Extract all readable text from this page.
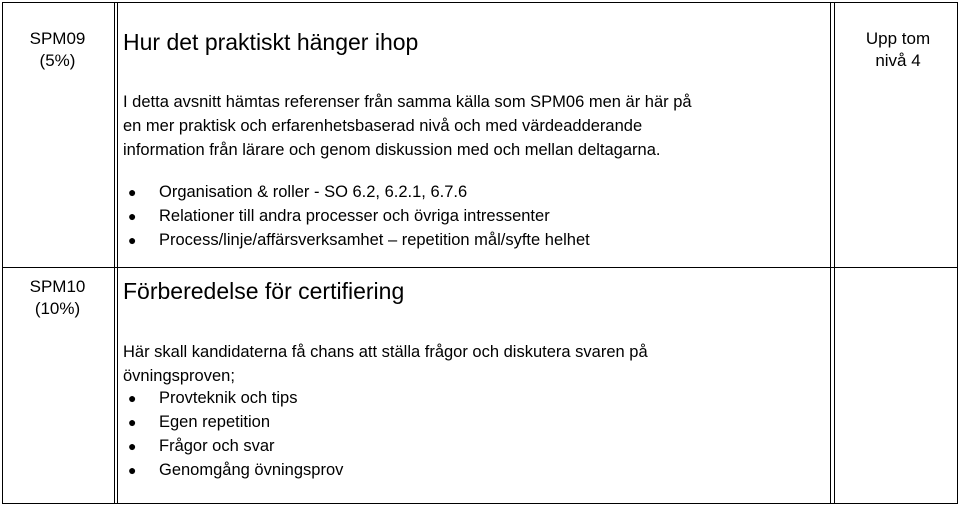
SPM09
(5%)
Hur det praktiskt hänger ihop	Upp tom
nivå 4
I detta avsnitt hämtas referenser från samma källa som SPM06 men är här på
en mer praktisk och erfarenhetsbaserad nivå och med värdeadderande
information från lärare och genom diskussion med och mellan deltagarna.
● Organisation & roller - SO 6.2, 6.2.1, 6.7.6
● Relationer till andra processer och övriga intressenter
● Process/linje/affärsverksamhet – repetition mål/syfte helhet
SPM10
(10%)
Förberedelse för certifiering
Här skall kandidaterna få chans att ställa frågor och diskutera svaren på
övningsproven;
● Provteknik och tips
● Egen repetition
● Frågor och svar
● Genomgång övningsprov
